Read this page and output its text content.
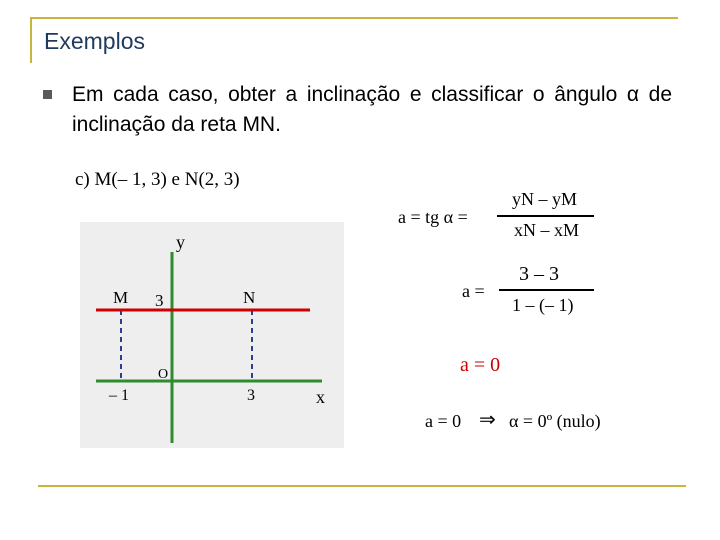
Exemplos
Em cada caso, obter a inclinação e classificar o ângulo α de inclinação da reta MN.
c) M(– 1, 3) e N(2, 3)
y
x
O
M	N
3
– 1	3
a = tg α =
yN – yM
xN – xM
a =
3 – 3
1 – (– 1)
a = 0
a = 0 ⇒ α = 0º (nulo)
